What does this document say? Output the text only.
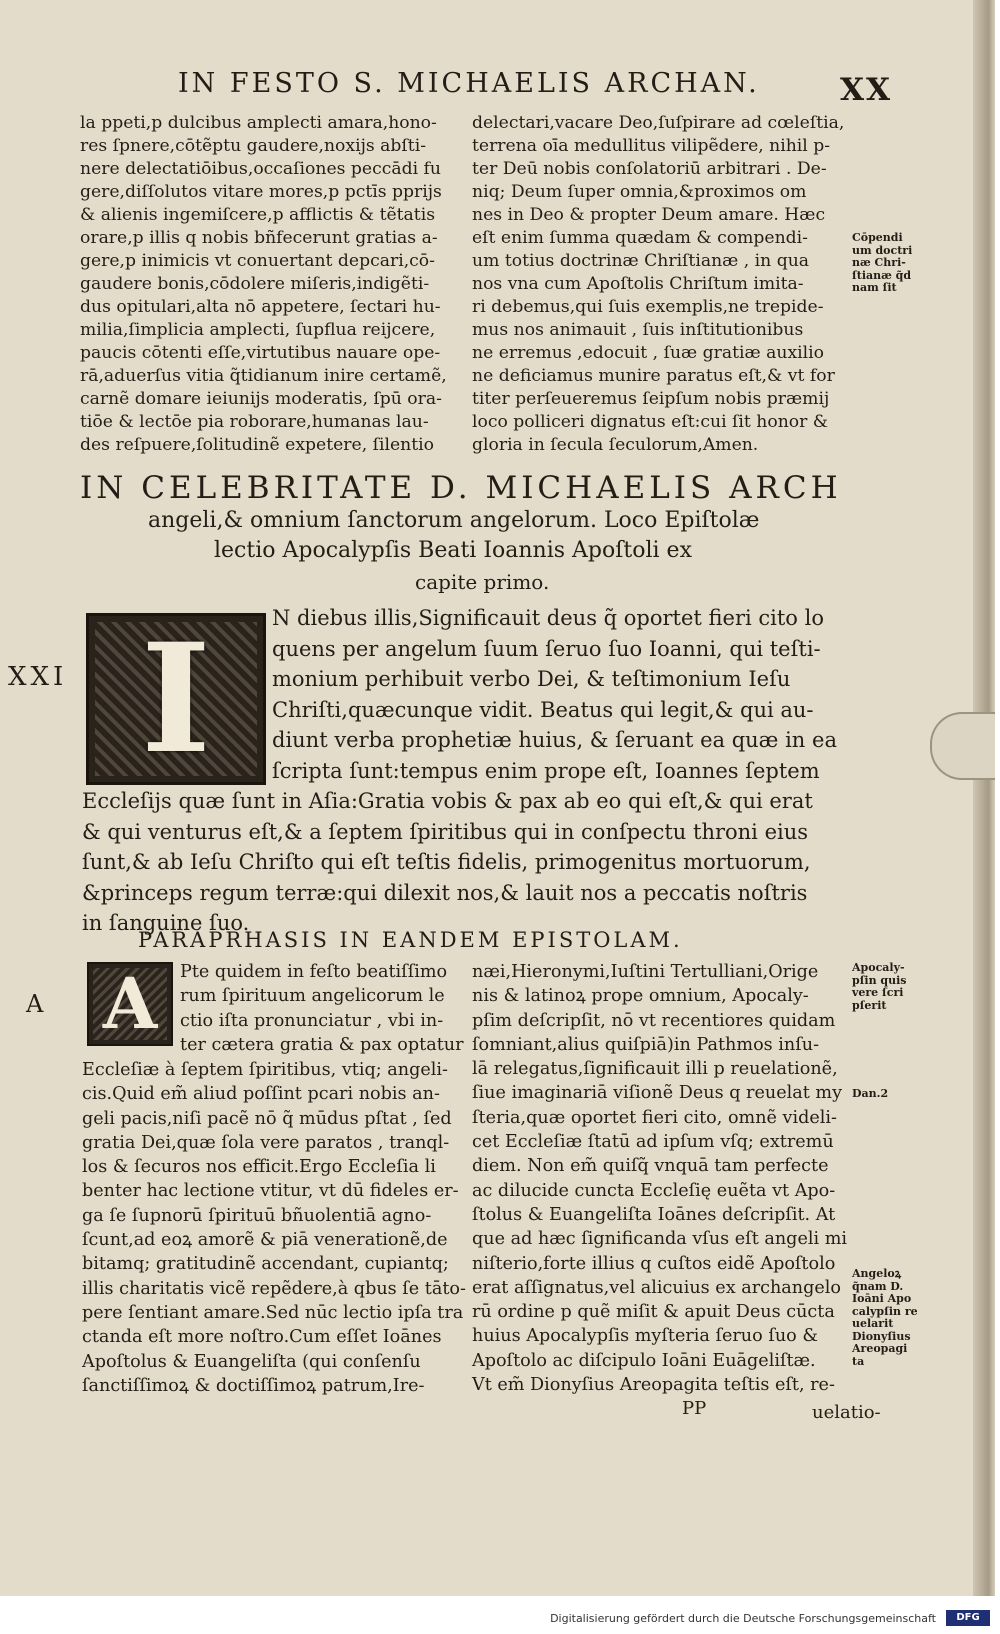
IN FESTO S. MICHAELIS ARCHAN.	XX
la ppeti,p dulcibus amplecti amara,hono-
res ſpnere,cōtẽptu gaudere,noxijs abſti-
nere delectatiōibus,occaſiones peccādi fu
gere,diſſolutos vitare mores,p pctīs pprijs
& alienis ingemiſcere,p afflictis & tẽtatis
orare,p illis q nobis bñfecerunt gratias a-
gere,p inimicis vt conuertant depcari,cō-
gaudere bonis,cōdolere miſeris,indigẽti-
dus opitulari,alta nō appetere, ſectari hu-
milia,ſimplicia amplecti, ſupflua reijcere,
paucis cōtenti eſſe,virtutibus nauare ope-
rā,aduerſus vitia q̃tidianum inire certamẽ,
carnẽ domare ieiunijs moderatis, ſpū ora-
tiōe & lectōe pia roborare,humanas lau-
des reſpuere,ſolitudinẽ expetere, ſilentio
delectari,vacare Deo,ſuſpirare ad cœleſtia,
terrena oīa medullitus vilipẽdere, nihil p-
ter Deū nobis conſolatoriū arbitrari . De-
niq; Deum ſuper omnia,&proximos om
nes in Deo & propter Deum amare. Hæc
eſt enim ſumma quædam & compendi-
um totius doctrinæ Chriſtianæ , in qua
nos vna cum Apoſtolis Chriſtum imita-
ri debemus,qui ſuis exemplis,ne trepide-
mus nos animauit , ſuis inſtitutionibus
ne erremus ,edocuit , ſuæ gratiæ auxilio
ne deficiamus munire paratus eſt,& vt for
titer perſeueremus ſeipſum nobis præmij
loco polliceri dignatus eſt:cui ſit honor &
gloria in ſecula ſeculorum,Amen.
Cōpendi
um doctri
næ Chri-
ſtianæ q̃d
nam ſit
IN CELEBRITATE D. MICHAELIS ARCH
angeli,& omnium ſanctorum angelorum. Loco Epiſtolæ
lectio Apocalypſis Beati Ioannis Apoſtoli ex
capite primo.
XXI I	N diebus illis,Significauit deus q̃ oportet fieri cito lo
quens per angelum ſuum ſeruo ſuo Ioanni, qui teſti-
monium perhibuit verbo Dei, & teſtimonium Ieſu
Chriſti,quæcunque vidit. Beatus qui legit,& qui au-
diunt verba prophetiæ huius, & ſeruant ea quæ in ea
ſcripta ſunt:tempus enim prope eſt, Ioannes ſeptem
Eccleſijs quæ ſunt in Aſia:Gratia vobis & pax ab eo qui eſt,& qui erat
& qui venturus eſt,& a ſeptem ſpiritibus qui in conſpectu throni eius
ſunt,& ab Ieſu Chriſto qui eſt teſtis fidelis, primogenitus mortuorum,
&princeps regum terræ:qui dilexit nos,& lauit nos a peccatis noſtris
in ſanguine ſuo.
PARAPRHASIS IN EANDEM EPISTOLAM.
A A	Pte quidem in feſto beatiſſimo
rum ſpirituum angelicorum le
ctio iſta pronunciatur , vbi in-
ter cætera gratia & pax optatur
Eccleſiæ à ſeptem ſpiritibus, vtiq; angeli-
cis.Quid em̃ aliud poſſint pcari nobis an-
geli pacis,niſi pacẽ nō q̃ mūdus pſtat , ſed
gratia Dei,quæ ſola vere paratos , tranql-
los & ſecuros nos efficit.Ergo Eccleſia li
benter hac lectione vtitur, vt dū fideles er-
ga ſe ſupnorū ſpirituū bñuolentiā agno-
ſcunt,ad eoꝝ amorẽ & piā venerationẽ,de
bitamq; gratitudinẽ accendant, cupiantq;
illis charitatis vicẽ repẽdere,à qbus ſe tāto-
pere ſentiant amare.Sed nūc lectio ipſa tra
ctanda eſt more noſtro.Cum eſſet Ioānes
Apoſtolus & Euangeliſta (qui conſenſu
ſanctiſſimoꝝ & doctiſſimoꝝ patrum,Ire-
næi,Hieronymi,Iuſtini Tertulliani,Orige
nis & latinoꝝ prope omnium, Apocaly-
pſim deſcripſit, nō vt recentiores quidam
ſomniant,alius quiſpiā)in Pathmos inſu-
lā relegatus,ſignificauit illi p reuelationẽ,
ſiue imaginariā viſionẽ Deus q reuelat my
ſteria,quæ oportet fieri cito, omnẽ videli-
cet Eccleſiæ ſtatū ad ipſum vſq; extremū
diem. Non em̃ quiſq̃ vnquā tam perfecte
ac dilucide cuncta Eccleſię euẽta vt Apo-
ſtolus & Euangeliſta Ioānes deſcripſit. At
que ad hæc ſignificanda vſus eſt angeli mi
niſterio,forte illius q cuſtos eidẽ Apoſtolo
erat aſſignatus,vel alicuius ex archangelo
rū ordine p quẽ miſit & apuit Deus cūcta
huius Apocalypſis myſteria ſeruo ſuo &
Apoſtolo ac diſcipulo Ioāni Euāgeliſtæ.
Vt em̃ Dionyſius Areopagita teſtis eſt, re-
Apocaly-
pſin quis
vere ſcri
pſerit
Dan.2
Angeloꝝ
q̃nam D.
Ioāni Apo
calypſin re
uelarit
Dionyſius
Areopagi
ta
PP	uelatio-
Digitalisierung gefördert durch die Deutsche Forschungsgemeinschaft	DFG
